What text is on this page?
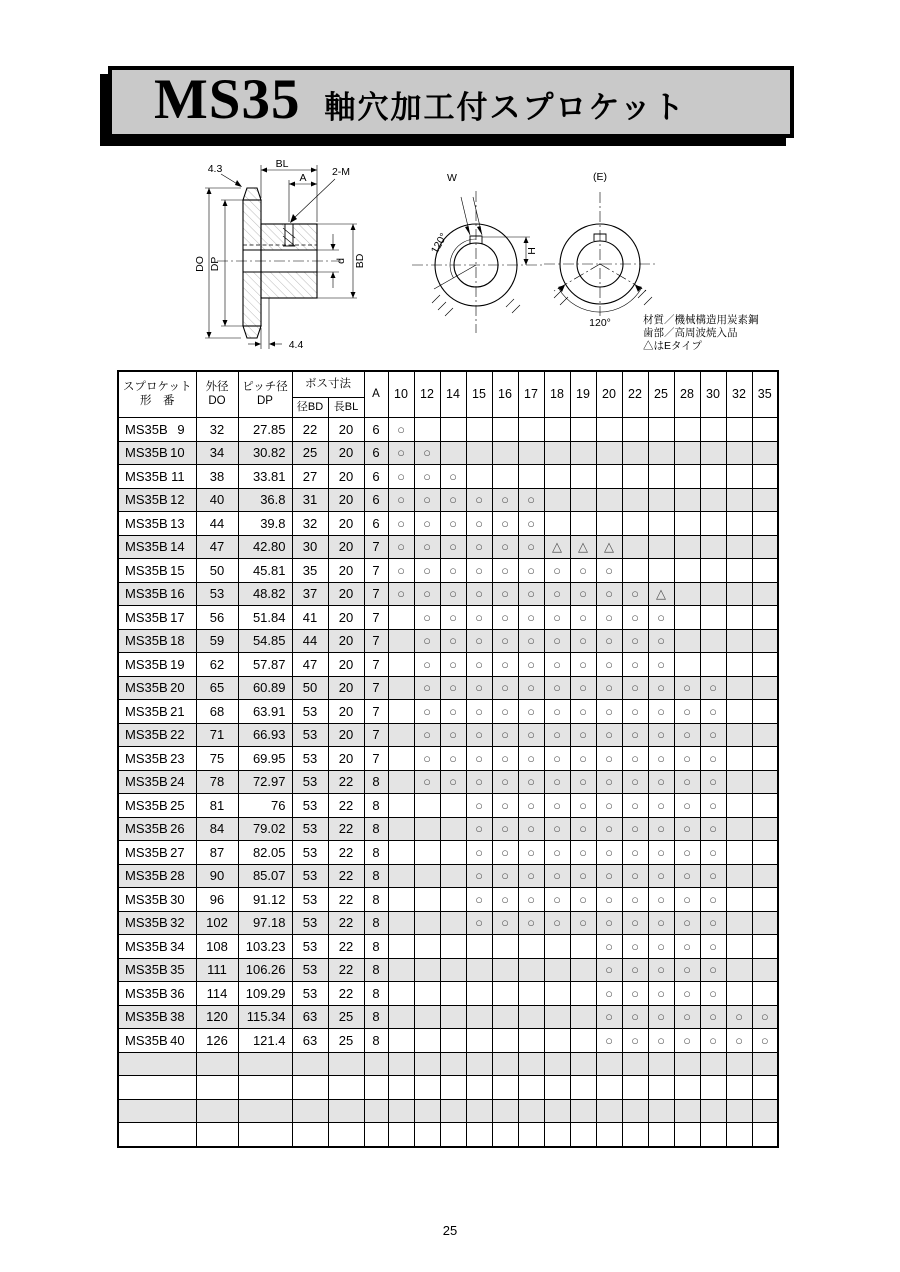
MS35 軸穴加工付スプロケット
4.3	BL
A 2-M
DO DP	d BD
4.4
W
H
120°
(E)
120°	材質／機械構造用炭素鋼
歯部／高周波焼入品
△はEタイプ
スプロケット
形　番

外径
DO

ピッチ径
DP
	ボス寸法	A	10	12	14	15	16	17	18	19	20	22	25	28	30	32	35
			径BD	長BL																
MS35B 9	32	27.85	22	20	6	○														
MS35B 10	34	30.82	25	20	6	○	○													
MS35B 11	38	33.81	27	20	6	○	○	○												
MS35B 12	40	36.8	31	20	6	○	○	○	○	○	○									
MS35B 13	44	39.8	32	20	6	○	○	○	○	○	○									
MS35B 14	47	42.80	30	20	7	○	○	○	○	○	○	△	△	△						
MS35B 15	50	45.81	35	20	7	○	○	○	○	○	○	○	○	○						
MS35B 16	53	48.82	37	20	7	○	○	○	○	○	○	○	○	○	○	△				
MS35B 17	56	51.84	41	20	7		○	○	○	○	○	○	○	○	○	○				
MS35B 18	59	54.85	44	20	7		○	○	○	○	○	○	○	○	○	○				
MS35B 19	62	57.87	47	20	7		○	○	○	○	○	○	○	○	○	○				
MS35B 20	65	60.89	50	20	7		○	○	○	○	○	○	○	○	○	○	○	○		
MS35B 21	68	63.91	53	20	7		○	○	○	○	○	○	○	○	○	○	○	○		
MS35B 22	71	66.93	53	20	7		○	○	○	○	○	○	○	○	○	○	○	○		
MS35B 23	75	69.95	53	20	7		○	○	○	○	○	○	○	○	○	○	○	○		
MS35B 24	78	72.97	53	22	8		○	○	○	○	○	○	○	○	○	○	○	○		
MS35B 25	81	76	53	22	8				○	○	○	○	○	○	○	○	○	○		
MS35B 26	84	79.02	53	22	8				○	○	○	○	○	○	○	○	○	○		
MS35B 27	87	82.05	53	22	8				○	○	○	○	○	○	○	○	○	○		
MS35B 28	90	85.07	53	22	8				○	○	○	○	○	○	○	○	○	○		
MS35B 30	96	91.12	53	22	8				○	○	○	○	○	○	○	○	○	○		
MS35B 32	102	97.18	53	22	8				○	○	○	○	○	○	○	○	○	○		
MS35B 34	108	103.23	53	22	8									○	○	○	○	○		
MS35B 35	111	106.26	53	22	8									○	○	○	○	○		
MS35B 36	114	109.29	53	22	8									○	○	○	○	○		
MS35B 38	120	115.34	63	25	8									○	○	○	○	○	○	○
MS35B 40	126	121.4	63	25	8									○	○	○	○	○	○	○

25
